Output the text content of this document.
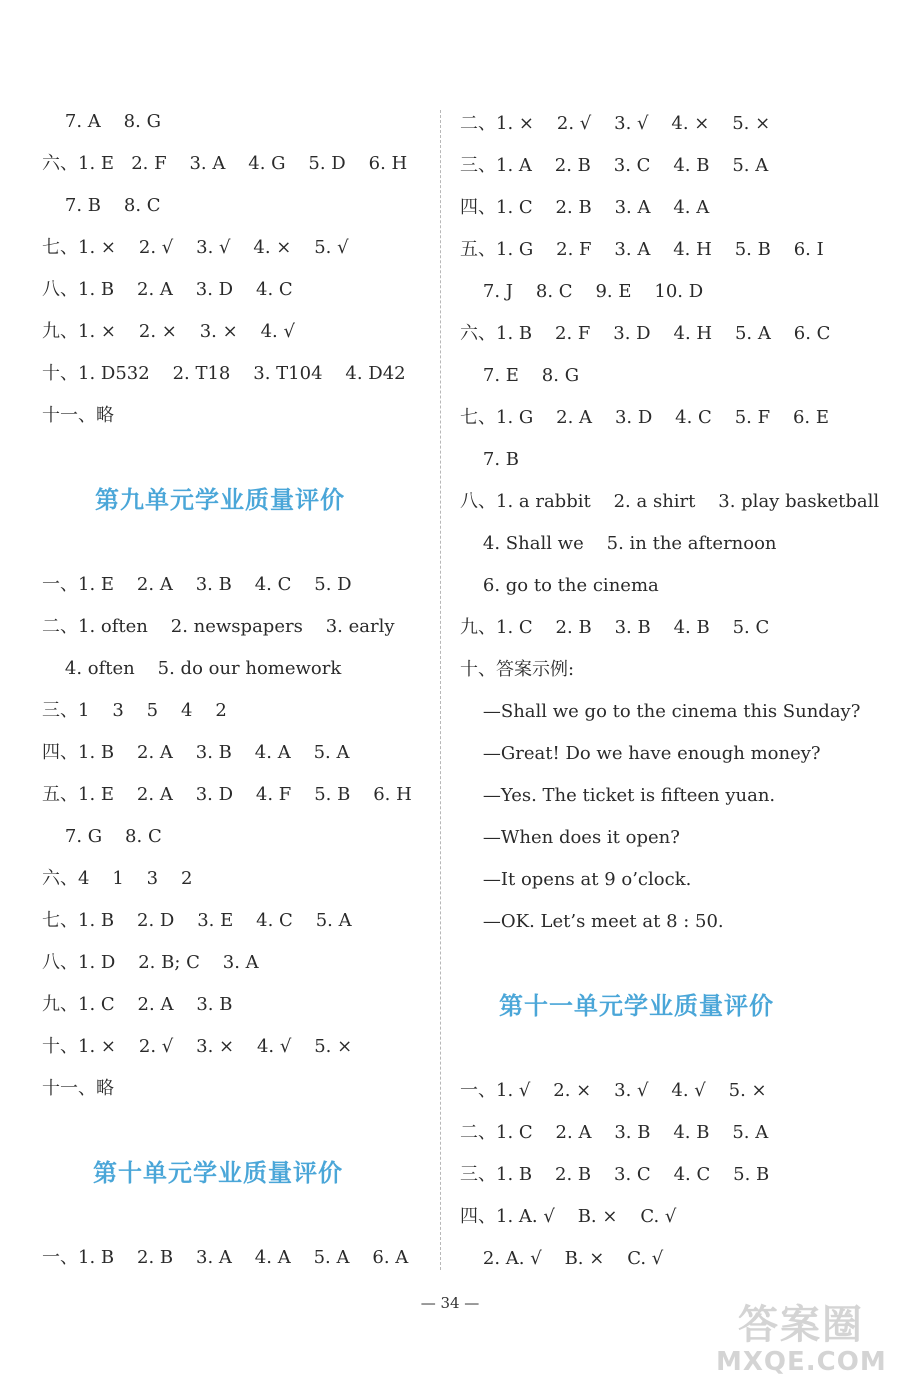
7. A    8. G
六、1. E   2. F    3. A    4. G    5. D    6. H
7. B    8. C
七、1. ×    2. √    3. √    4. ×    5. √
八、1. B    2. A    3. D    4. C
九、1. ×    2. ×    3. ×    4. √
十、1. D532    2. T18    3. T104    4. D42
十一、略
第九单元学业质量评价
一、1. E    2. A    3. B    4. C    5. D
二、1. often    2. newspapers    3. early
4. often    5. do our homework
三、1    3    5    4    2
四、1. B    2. A    3. B    4. A    5. A
五、1. E    2. A    3. D    4. F    5. B    6. H
7. G    8. C
六、4    1    3    2
七、1. B    2. D    3. E    4. C    5. A
八、1. D    2. B; C    3. A
九、1. C    2. A    3. B
十、1. ×    2. √    3. ×    4. √    5. ×
十一、略
第十单元学业质量评价
一、1. B    2. B    3. A    4. A    5. A    6. A
二、1. ×    2. √    3. √    4. ×    5. ×
三、1. A    2. B    3. C    4. B    5. A
四、1. C    2. B    3. A    4. A
五、1. G    2. F    3. A    4. H    5. B    6. I
7. J    8. C    9. E    10. D
六、1. B    2. F    3. D    4. H    5. A    6. C
7. E    8. G
七、1. G    2. A    3. D    4. C    5. F    6. E
7. B
八、1. a rabbit    2. a shirt    3. play basketball
4. Shall we    5. in the afternoon
6. go to the cinema
九、1. C    2. B    3. B    4. B    5. C
十、答案示例:
—Shall we go to the cinema this Sunday?
—Great! Do we have enough money?
—Yes. The ticket is fifteen yuan.
—When does it open?
—It opens at 9 o’clock.
—OK. Let’s meet at 8 : 50.
第十一单元学业质量评价
一、1. √    2. ×    3. √    4. √    5. ×
二、1. C    2. A    3. B    4. B    5. A
三、1. B    2. B    3. C    4. C    5. B
四、1. A. √    B. ×    C. √
2. A. √    B. ×    C. √
— 34 —	答案圈
MXQE.COM
